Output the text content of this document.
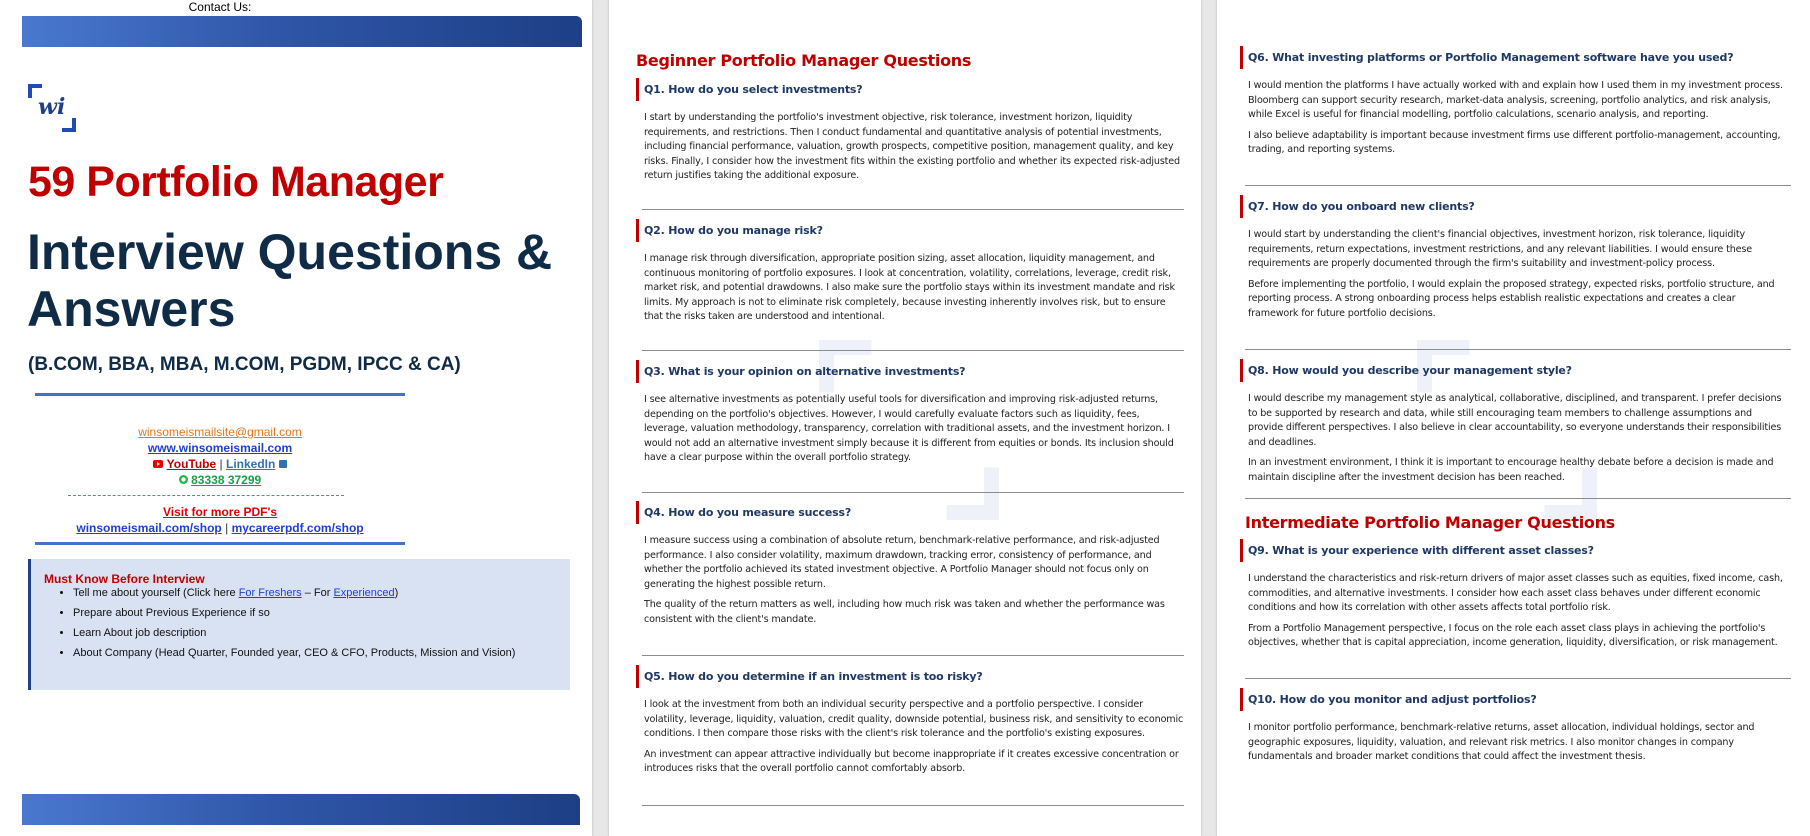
wi
59 Portfolio Manager
Interview Questions & Answers
(B.COM, BBA, MBA, M.COM, PGDM, IPCC & CA)
Contact Us:
winsomeismailsite@gmail.com
www.winsomeismail.com
YouTube | LinkedIn
83338 37299
Visit for more PDF's
winsomeismail.com/shop | mycareerpdf.com/shop
Must Know Before Interview
• Tell me about yourself (Click here For Freshers – For Experienced)
• Prepare about Previous Experience if so
• Learn About job description
• About Company (Head Quarter, Founded year, CEO & CFO, Products, Mission and Vision)
Beginner Portfolio Manager Questions
Q1. How do you select investments?

I start by understanding the portfolio's investment objective, risk tolerance, investment horizon, liquidity requirements, and restrictions. Then I conduct fundamental and quantitative analysis of potential investments, including financial performance, valuation, growth prospects, competitive position, management quality, and key risks. Finally, I consider how the investment fits within the existing portfolio and whether its expected risk-adjusted return justifies taking the additional exposure.

Q2. How do you manage risk?

I manage risk through diversification, appropriate position sizing, asset allocation, liquidity management, and continuous monitoring of portfolio exposures. I look at concentration, volatility, correlations, leverage, credit risk, market risk, and potential drawdowns. I also make sure the portfolio stays within its investment mandate and risk limits. My approach is not to eliminate risk completely, because investing inherently involves risk, but to ensure that the risks taken are understood and intentional.

Q3. What is your opinion on alternative investments?

I see alternative investments as potentially useful tools for diversification and improving risk-adjusted returns, depending on the portfolio's objectives. However, I would carefully evaluate factors such as liquidity, fees, leverage, valuation methodology, transparency, correlation with traditional assets, and the investment horizon. I would not add an alternative investment simply because it is different from equities or bonds. Its inclusion should have a clear purpose within the overall portfolio strategy.

Q4. How do you measure success?

I measure success using a combination of absolute return, benchmark-relative performance, and risk-adjusted performance. I also consider volatility, maximum drawdown, tracking error, consistency of performance, and whether the portfolio achieved its stated investment objective. A Portfolio Manager should not focus only on generating the highest possible return.

The quality of the return matters as well, including how much risk was taken and whether the performance was consistent with the client's mandate.

Q5. How do you determine if an investment is too risky?

I look at the investment from both an individual security perspective and a portfolio perspective. I consider volatility, leverage, liquidity, valuation, credit quality, downside potential, business risk, and sensitivity to economic conditions. I then compare those risks with the client's risk tolerance and the portfolio's existing exposures.

An investment can appear attractive individually but become inappropriate if it creates excessive concentration or introduces risks that the overall portfolio cannot comfortably absorb.

Q6. What investing platforms or Portfolio Management software have you used?

I would mention the platforms I have actually worked with and explain how I used them in my investment process. Bloomberg can support security research, market-data analysis, screening, portfolio analytics, and risk analysis, while Excel is useful for financial modelling, portfolio calculations, scenario analysis, and reporting.

I also believe adaptability is important because investment firms use different portfolio-management, accounting, trading, and reporting systems.

Q7. How do you onboard new clients?

I would start by understanding the client's financial objectives, investment horizon, risk tolerance, liquidity requirements, return expectations, investment restrictions, and any relevant liabilities. I would ensure these requirements are properly documented through the firm's suitability and investment-policy process.

Before implementing the portfolio, I would explain the proposed strategy, expected risks, portfolio structure, and reporting process. A strong onboarding process helps establish realistic expectations and creates a clear framework for future portfolio decisions.

Q8. How would you describe your management style?

I would describe my management style as analytical, collaborative, disciplined, and transparent. I prefer decisions to be supported by research and data, while still encouraging team members to challenge assumptions and provide different perspectives. I also believe in clear accountability, so everyone understands their responsibilities and deadlines.

In an investment environment, I think it is important to encourage healthy debate before a decision is made and maintain discipline after the investment decision has been reached.

Intermediate Portfolio Manager Questions
Q9. What is your experience with different asset classes?

I understand the characteristics and risk-return drivers of major asset classes such as equities, fixed income, cash, commodities, and alternative investments. I consider how each asset class behaves under different economic conditions and how its correlation with other assets affects total portfolio risk.

From a Portfolio Management perspective, I focus on the role each asset class plays in achieving the portfolio's objectives, whether that is capital appreciation, income generation, liquidity, diversification, or risk management.

Q10. How do you monitor and adjust portfolios?

I monitor portfolio performance, benchmark-relative returns, asset allocation, individual holdings, sector and geographic exposures, liquidity, valuation, and relevant risk metrics. I also monitor changes in company fundamentals and broader market conditions that could affect the investment thesis.
